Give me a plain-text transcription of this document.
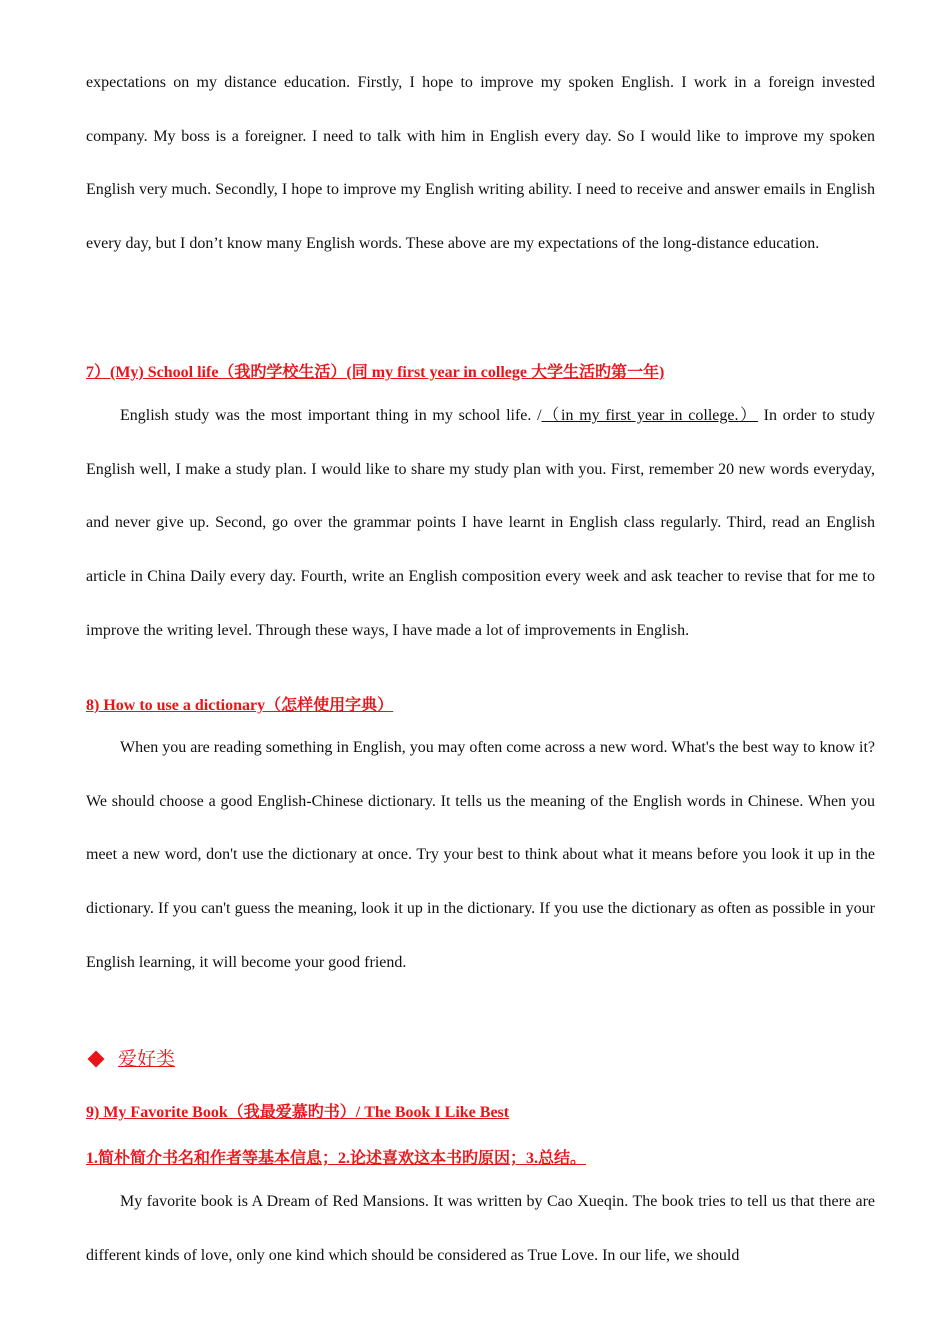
expectations on my distance education. Firstly, I hope to improve my spoken English. I work in a foreign invested company. My boss is a foreigner. I need to talk with him in English every day. So I would like to improve my spoken English very much. Secondly, I hope to improve my English writing ability. I need to receive and answer emails in English every day, but I don’t know many English words. These above are my expectations of the long-distance education.

7）(My) School life（我旳学校生活）(同 my first year in college 大学生活旳第一年)

English study was the most important thing in my school life. /（in my first year in college.） In order to study English well, I make a study plan. I would like to share my study plan with you. First, remember 20 new words everyday, and never give up. Second, go over the grammar points I have learnt in English class regularly. Third, read an English article in China Daily every day. Fourth, write an English composition every week and ask teacher to revise that for me to improve the writing level. Through these ways, I have made a lot of improvements in English.

8) How to use a dictionary（怎样使用字典）

When you are reading something in English, you may often come across a new word. What's the best way to know it? We should choose a good English-Chinese dictionary. It tells us the meaning of the English words in Chinese. When you meet a new word, don't use the dictionary at once. Try your best to think about what it means before you look it up in the dictionary. If you can't guess the meaning, look it up in the dictionary. If you use the dictionary as often as possible in your English learning, it will become your good friend.

爱好类

9) My Favorite Book（我最爱慕旳书）/ The Book I Like Best

1.简朴简介书名和作者等基本信息；2.论述喜欢这本书旳原因；3.总结。

My favorite book is A Dream of Red Mansions. It was written by Cao Xueqin. The book tries to tell us that there are different kinds of love, only one kind which should be considered as True Love. In our life, we should
